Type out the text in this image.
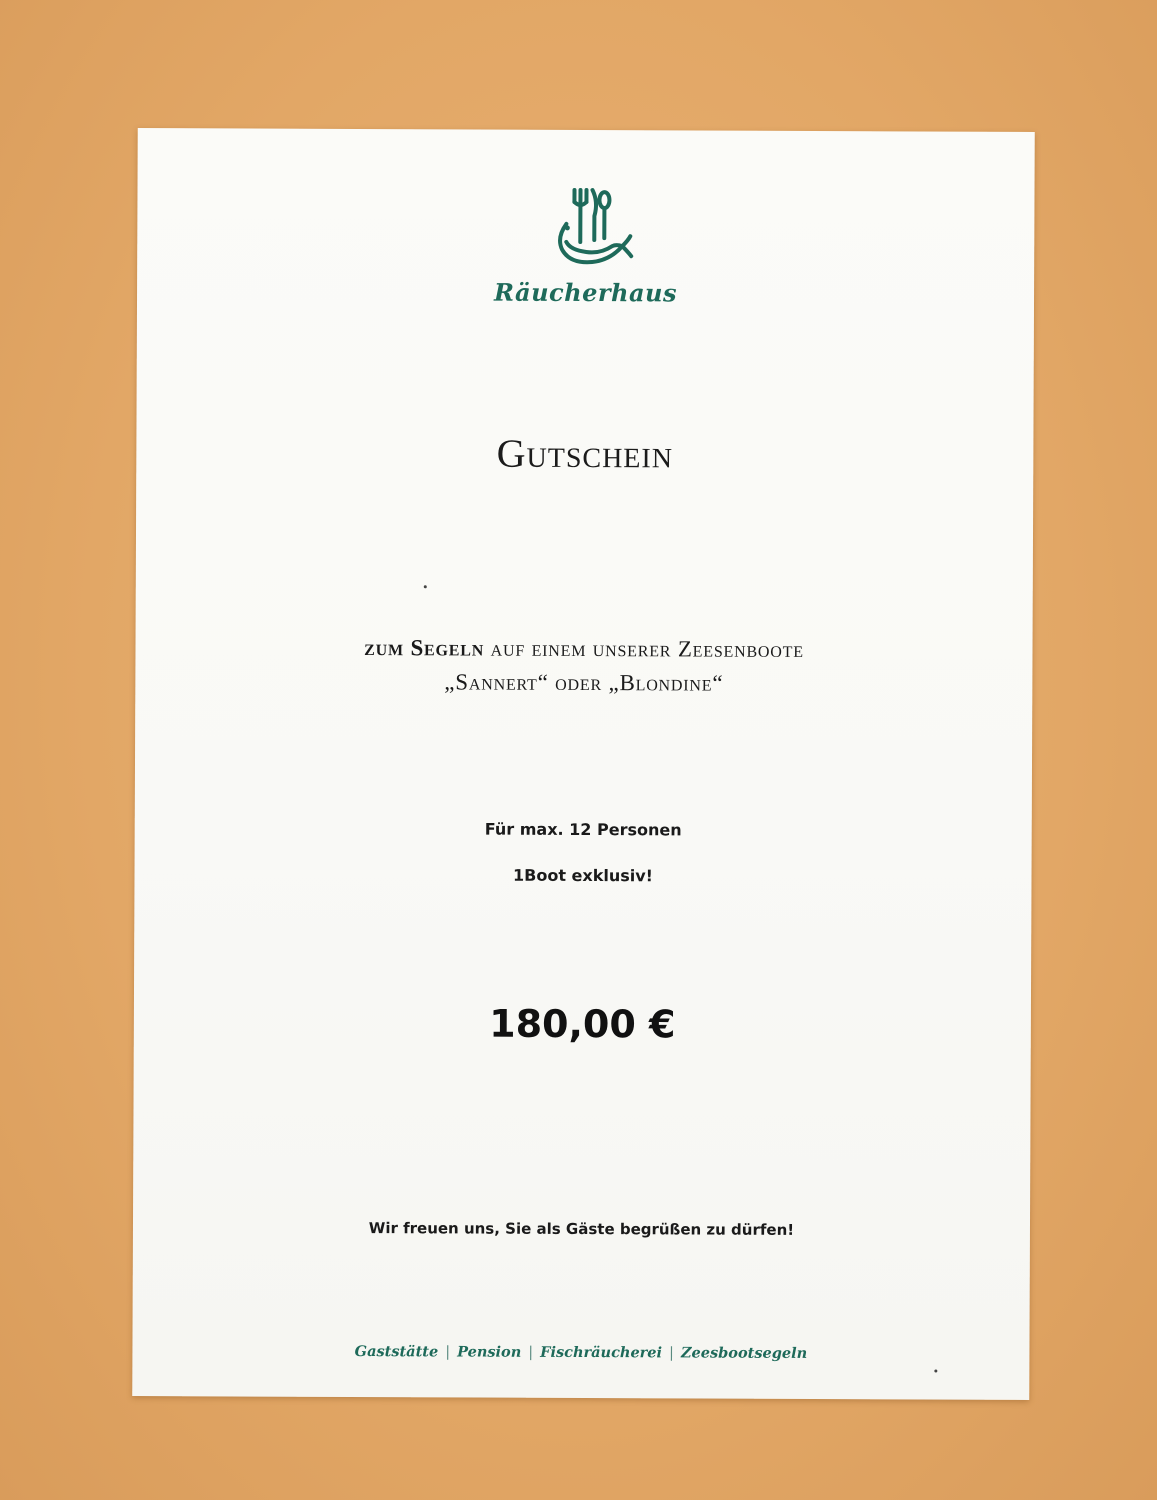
Räucherhaus
Gutschein
zum Segeln auf einem unserer Zeesenboote
„Sannert“ oder „Blondine“
Für max. 12 Personen
1Boot exklusiv!
180,00 €
Wir freuen uns, Sie als Gäste begrüßen zu dürfen!
Gaststätte | Pension | Fischräucherei | Zeesbootsegeln
